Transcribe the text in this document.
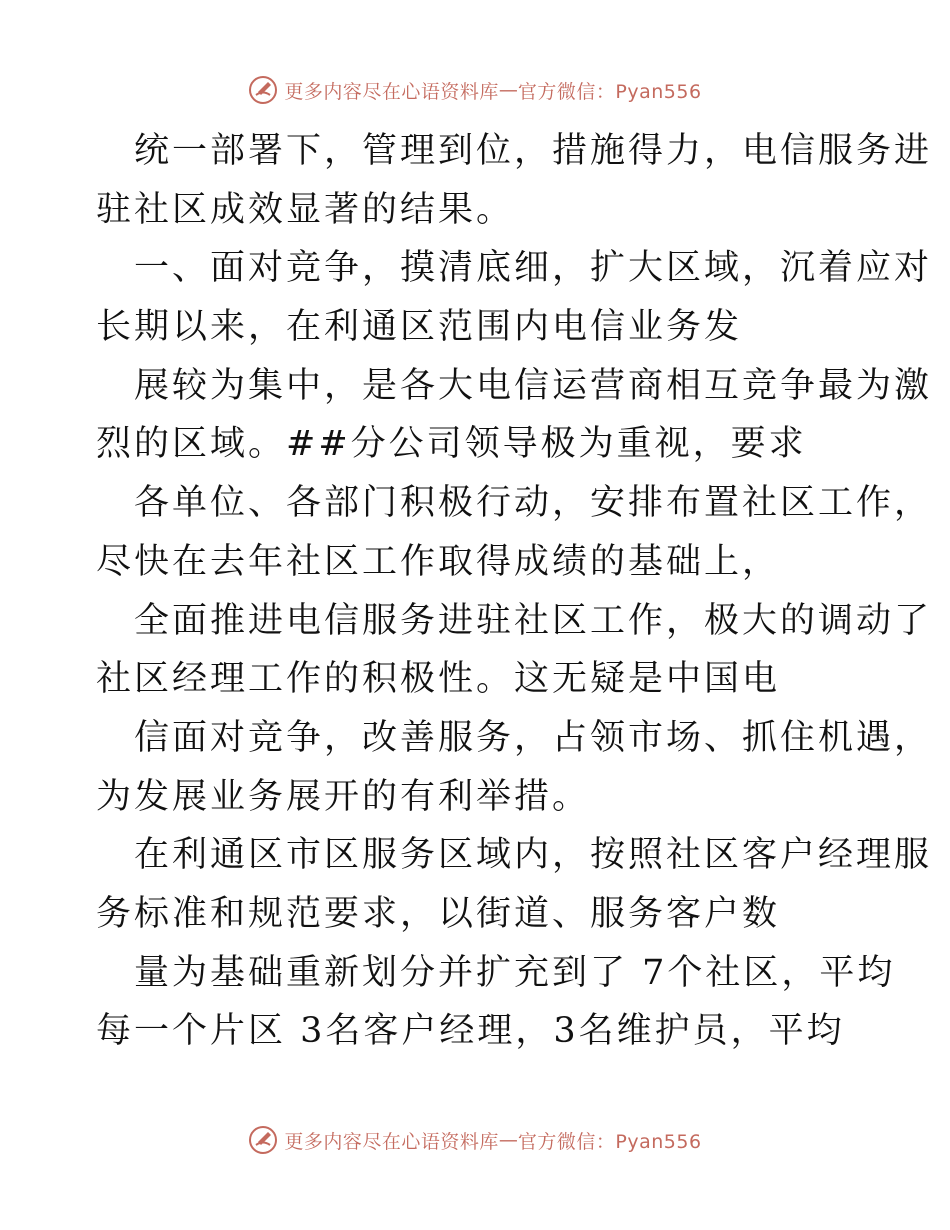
更多内容尽在心语资料库 — 官方微信：Pyan556
统一部署下，管理到位，措施得力，电信服务进
驻社区成效显著的结果。
一、面对竞争，摸清底细，扩大区域，沉着应对
长期以来，在利通区范围内电信业务发
展较为集中，是各大电信运营商相互竞争最为激
烈的区域。##分公司领导极为重视，要求
各单位、各部门积极行动，安排布置社区工作，
尽快在去年社区工作取得成绩的基础上，
全面推进电信服务进驻社区工作，极大的调动了
社区经理工作的积极性。这无疑是中国电
信面对竞争，改善服务，占领市场、抓住机遇，
为发展业务展开的有利举措。
在利通区市区服务区域内，按照社区客户经理服
务标准和规范要求，以街道、服务客户数
量为基础重新划分并扩充到了 7个社区，平均
每一个片区 3名客户经理，3名维护员，平均
更多内容尽在心语资料库 — 官方微信：Pyan556
